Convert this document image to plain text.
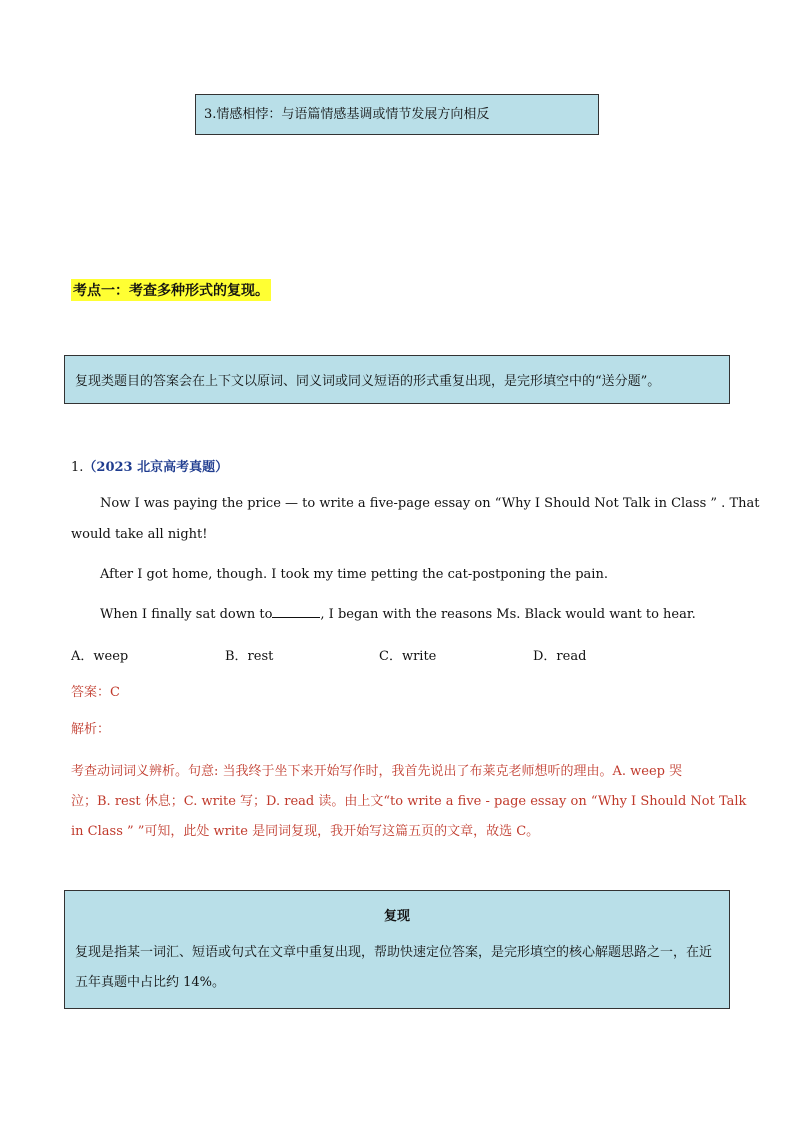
3.情感相悖：与语篇情感基调或情节发展方向相反
考点一：考查多种形式的复现。
复现类题目的答案会在上下文以原词、同义词或同义短语的形式重复出现，是完形填空中的“送分题”。
1.（2023 北京高考真题）
Now I was paying the price — to write a five-page essay on “Why I Should Not Talk in Class ” . That
would take all night!
After I got home, though. I took my time petting the cat-postponing the pain.
When I finally sat down to	, I began with the reasons Ms. Black would want to hear.
A．weep	B．rest	C．write	D．read
答案：C
解析：
考查动词词义辨析。句意: 当我终于坐下来开始写作时，我首先说出了布莱克老师想听的理由。A. weep 哭
泣；B. rest 休息；C. write 写；D. read 读。由上文“to write a five - page essay on “Why I Should Not Talk
in Class ” ”可知，此处 write 是同词复现，我开始写这篇五页的文章，故选 C。
复现
复现是指某一词汇、短语或句式在文章中重复出现，帮助快速定位答案，是完形填空的核心解题思路之一，在近五年真题中占比约 14%。
